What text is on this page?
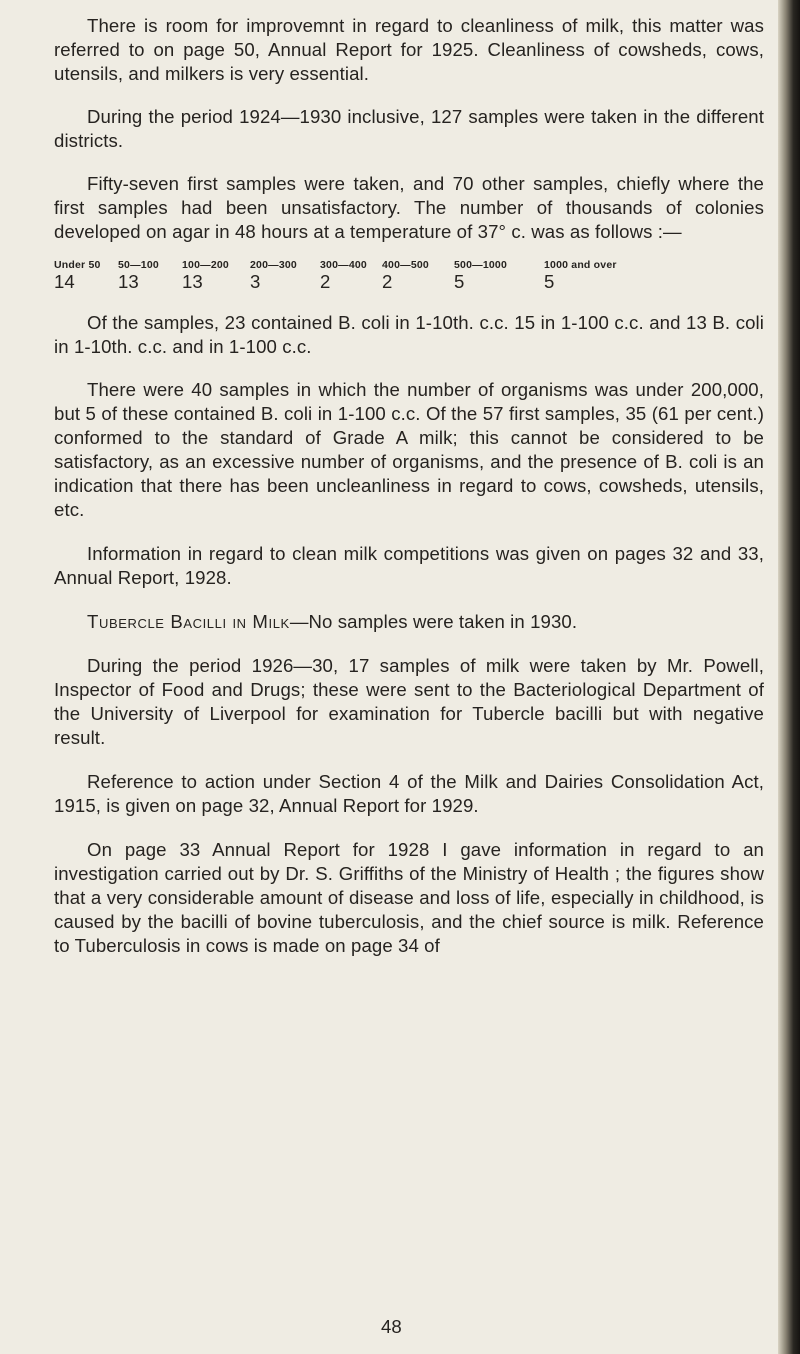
There is room for improvemnt in regard to cleanliness of milk, this matter was referred to on page 50, Annual Report for 1925. Cleanliness of cowsheds, cows, utensils, and milkers is very essential.

During the period 1924—1930 inclusive, 127 samples were taken in the different districts.

Fifty-seven first samples were taken, and 70 other samples, chiefly where the first samples had been unsatisfactory. The number of thousands of colonies developed on agar in 48 hours at a temperature of 37° c. was as follows :—

Under 50	50—100	100—200	200—300	300—400	400—500	500—1000	1000 and over
14	13	13	3	2	2	5	5

Of the samples, 23 contained B. coli in 1-10th. c.c. 15 in 1-100 c.c. and 13 B. coli in 1-10th. c.c. and in 1-100 c.c.

There were 40 samples in which the number of organisms was under 200,000, but 5 of these contained B. coli in 1-100 c.c. Of the 57 first samples, 35 (61 per cent.) conformed to the standard of Grade A milk; this cannot be considered to be satisfactory, as an excessive number of organisms, and the presence of B. coli is an indication that there has been uncleanliness in regard to cows, cowsheds, utensils, etc.

Information in regard to clean milk competitions was given on pages 32 and 33, Annual Report, 1928.

Tubercle Bacilli in Milk—No samples were taken in 1930.

During the period 1926—30, 17 samples of milk were taken by Mr. Powell, Inspector of Food and Drugs; these were sent to the Bacteriological Department of the University of Liverpool for examination for Tubercle bacilli but with negative result.

Reference to action under Section 4 of the Milk and Dairies Consolidation Act, 1915, is given on page 32, Annual Report for 1929.

On page 33 Annual Report for 1928 I gave information in regard to an investigation carried out by Dr. S. Griffiths of the Ministry of Health ; the figures show that a very considerable amount of disease and loss of life, especially in childhood, is caused by the bacilli of bovine tuberculosis, and the chief source is milk. Reference to Tuberculosis in cows is made on page 34 of

48
